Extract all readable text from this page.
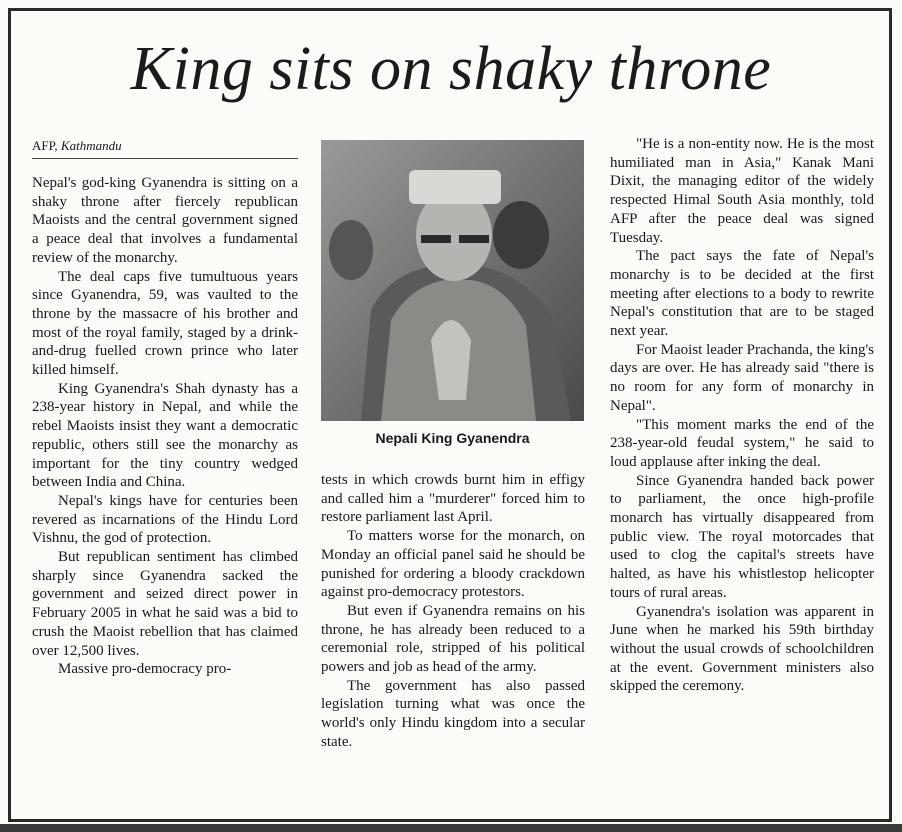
King sits on shaky throne
AFP, Kathmandu

Nepal's god-king Gyanendra is sitting on a shaky throne after fiercely republican Maoists and the central government signed a peace deal that involves a fundamental review of the monarchy.

The deal caps five tumultuous years since Gyanendra, 59, was vaulted to the throne by the massacre of his brother and most of the royal family, staged by a drink-and-drug fuelled crown prince who later killed himself.

King Gyanendra's Shah dynasty has a 238-year history in Nepal, and while the rebel Maoists insist they want a democratic republic, others still see the monarchy as important for the tiny country wedged between India and China.

Nepal's kings have for centuries been revered as incarnations of the Hindu Lord Vishnu, the god of protection.

But republican sentiment has climbed sharply since Gyanendra sacked the government and seized direct power in February 2005 in what he said was a bid to crush the Maoist rebellion that has claimed over 12,500 lives.

Massive pro-democracy pro-

Nepali King Gyanendra

tests in which crowds burnt him in effigy and called him a "murderer" forced him to restore parliament last April.

To matters worse for the monarch, on Monday an official panel said he should be punished for ordering a bloody crackdown against pro-democracy protestors.

But even if Gyanendra remains on his throne, he has already been reduced to a ceremonial role, stripped of his political powers and job as head of the army.

The government has also passed legislation turning what was once the world's only Hindu kingdom into a secular state.

"He is a non-entity now. He is the most humiliated man in Asia," Kanak Mani Dixit, the managing editor of the widely respected Himal South Asia monthly, told AFP after the peace deal was signed Tuesday.

The pact says the fate of Nepal's monarchy is to be decided at the first meeting after elections to a body to rewrite Nepal's constitution that are to be staged next year.

For Maoist leader Prachanda, the king's days are over. He has already said "there is no room for any form of monarchy in Nepal".

"This moment marks the end of the 238-year-old feudal system," he said to loud applause after inking the deal.

Since Gyanendra handed back power to parliament, the once high-profile monarch has virtually disappeared from public view. The royal motorcades that used to clog the capital's streets have halted, as have his whistlestop helicopter tours of rural areas.

Gyanendra's isolation was apparent in June when he marked his 59th birthday without the usual crowds of schoolchildren at the event. Government ministers also skipped the ceremony.
